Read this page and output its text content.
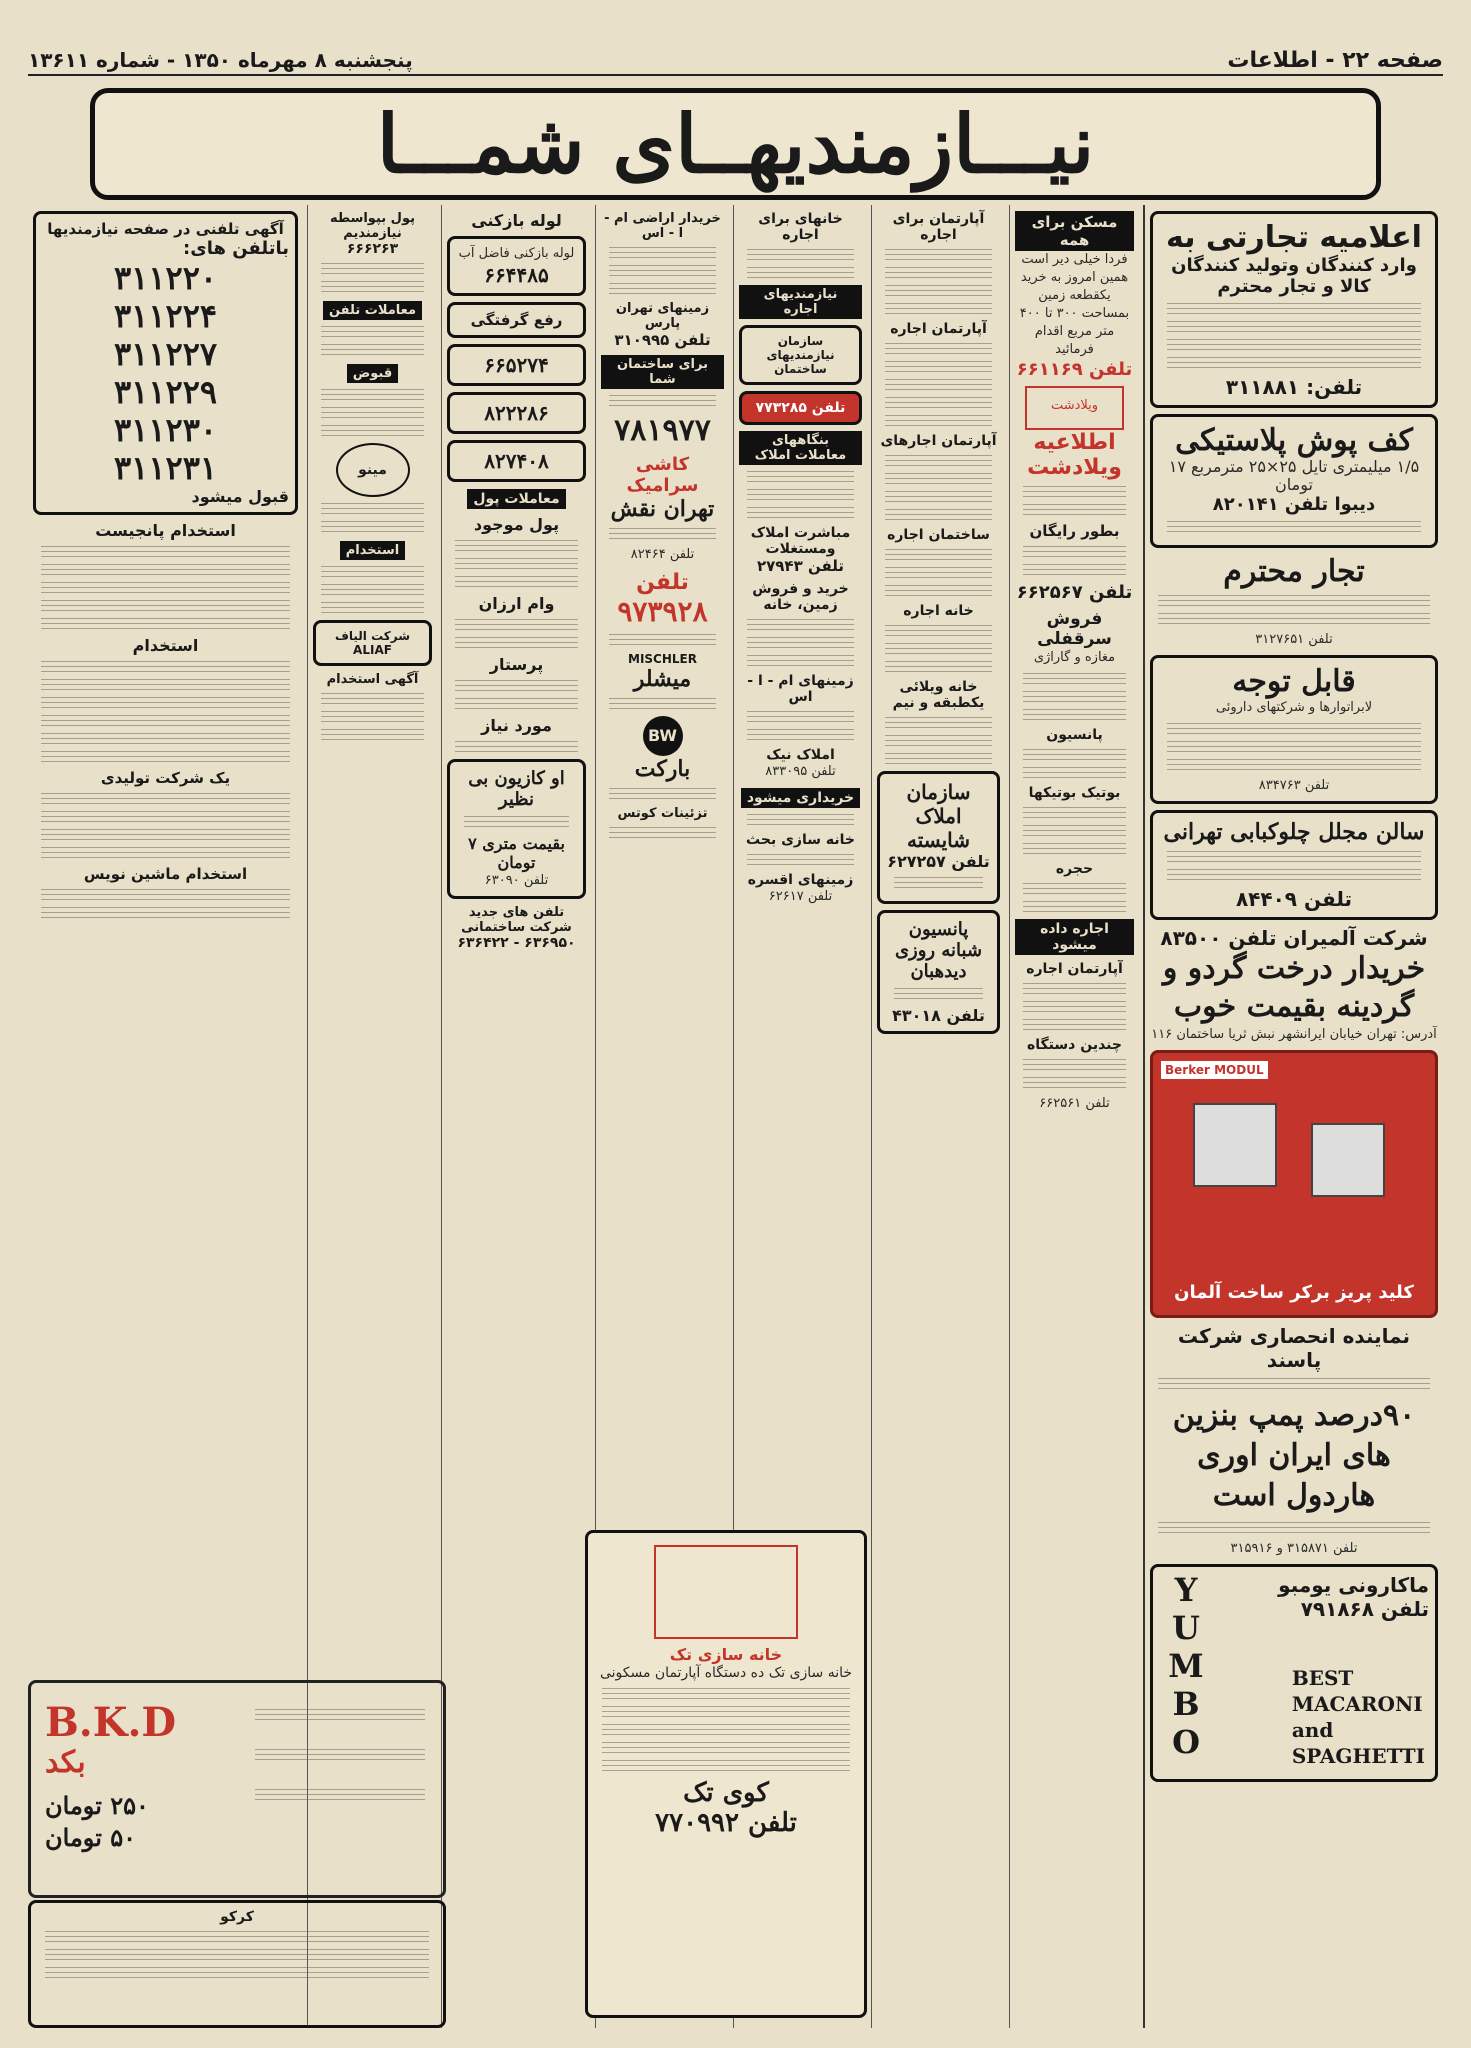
صفحه ۲۲ - اطلاعات
پنجشنبه ۸ مهرماه ۱۳۵۰ - شماره ۱۳۶۱۱
نیـــازمندیهــای شمـــا
اعلامیه تجارتی به
وارد کنندگان وتولید کنندگان کالا و تجار محترم
تلفن: ۳۱۱۸۸۱
کف پوش پلاستیکی
۱/۵ میلیمتری تایل ۲۵×۲۵ مترمربع ۱۷ تومان
دیبوا تلفن ۸۲۰۱۴۱
تجار محترم
تلفن ۳۱۲۷۶۵۱
قابل توجه
لابراتوارها و شرکتهای داروئی
تلفن ۸۳۴۷۶۳
سالن مجلل چلوکبابی تهرانی
تلفن ۸۴۴۰۹
شرکت آلمیران تلفن ۸۳۵۰۰
خریدار درخت گردو و گردینه بقیمت خوب
آدرس: تهران خیابان ایرانشهر نبش ثریا ساختمان ۱۱۶
Berker MODUL
کلید پریز برکر ساخت آلمان
نماینده انحصاری شرکت پاسند
۹۰درصد پمپ بنزین های ایران اوری هاردول است
تلفن ۳۱۵۸۷۱ و ۳۱۵۹۱۶
ماکارونی یومبو
تلفن ۷۹۱۸۶۸
BEST
MACARONI
and
SPAGHETTI
YUMBO
مسکن برای همه
فردا خیلی دیر است همین امروز به خرید یکقطعه زمین بمساحت ۳۰۰ تا ۴۰۰ متر مربع اقدام فرمائید
تلفن ۶۶۱۱۶۹
ویلادشت
اطلاعیه ویلادشت
بطور رایگان
تلفن ۶۶۲۵۶۷
فروش سرقفلی
مغازه و گاراژی
پانسیون
بوتیک بوتیکها
حجره
اجاره داده میشود
آپارتمان اجاره
چندین دستگاه
تلفن ۶۶۲۵۶۱
آپارتمان برای اجاره
آپارتمان اجاره
آپارتمان اجارهای
ساختمان اجاره
خانه اجاره
خانه ویلائی یکطبقه و نیم
سازمان املاک شایسته
تلفن ۶۲۷۲۵۷
پانسیون شبانه روزی دیدهبان
تلفن ۴۳۰۱۸
خانهای برای اجاره
نیازمندیهای اجاره
سازمان نیازمندیهای ساختمان
تلفن ۷۷۳۲۸۵
بنگاههای معاملات املاک
مباشرت املاک ومستغلات
تلفن ۲۷۹۴۳
خرید و فروش زمین، خانه
زمینهای ام - ا - اس
املاک نیک
تلفن ۸۳۳۰۹۵
خریداری میشود
خانه سازی بحث
زمینهای اقسره
تلفن ۶۲۶۱۷
خریدار اراضی ام - ا - اس
زمینهای تهران پارس
تلفن ۳۱۰۹۹۵
برای ساختمان شما
۷۸۱۹۷۷
کاشی سرامیک
تهران نقش
تلفن ۸۲۴۶۴
تلفن
۹۷۳۹۲۸
MISCHLER
میشلر
BW
بارکت
تزئینات کوتس
خانه سازی تک
خانه سازی تک ده دستگاه آپارتمان مسکونی
کوی تک
تلفن ۷۷۰۹۹۲
لوله بازکنی
لوله بازکنی فاضل آب
۶۶۴۴۸۵
رفع گرفتگی
۶۶۵۲۷۴
۸۲۲۲۸۶
۸۲۷۴۰۸
معاملات پول
پول موجود
وام ارزان
پرستار
مورد نیاز
او کازیون بی نظیر
بقیمت متری ۷ تومان
تلفن ۶۳۰۹۰
تلفن های جدید شرکت ساختمانی
۶۳۶۹۵۰ - ۶۳۶۴۲۲
پول بپواسطه نیازمندیم
۶۶۶۲۶۳
معاملات تلفن
قبوض
مینو
استخدام
شرکت الیاف
ALIAF
آگهی استخدام
آگهی تلفنی در صفحه نیازمندیها
باتلفن های:
۳۱۱۲۲۰
۳۱۱۲۲۴
۳۱۱۲۲۷
۳۱۱۲۲۹
۳۱۱۲۳۰
۳۱۱۲۳۱
قبول میشود
استخدام پانجیست
استخدام
یک شرکت تولیدی
استخدام ماشین نویس
B.K.D
بکد
۲۵۰ تومان
۵۰ تومان
کرکو
